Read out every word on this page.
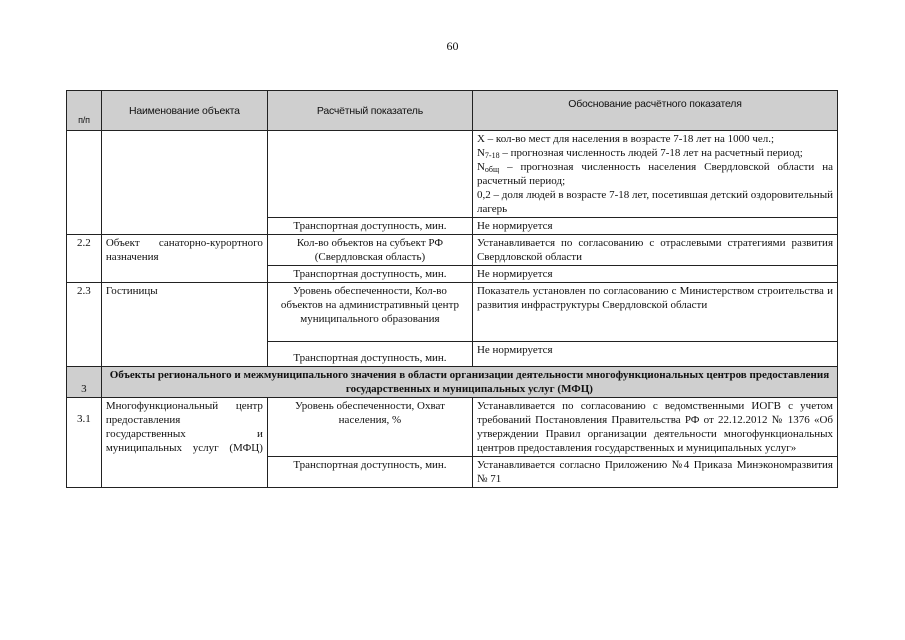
60
п/п	Наименование объекта	Расчётный показатель	Обоснование расчётного показателя

			Х – кол-во мест для населения в возрасте 7-18 лет на 1000 чел.;

$N_{7-18}$ – прогнозная численность людей 7-18 лет на расчетный период;

$N_{общ}$ – прогнозная численность населения Свердловской области на расчетный период;

0,2 – доля людей в возрасте 7-18 лет, посетившая детский оздоровительный лагерь

		Транспортная доступность, мин.	Не нормируется
2.2	Объект санаторно-курортного назначения	Кол-во объектов на субъект РФ (Свердловская область)	Устанавливается по согласованию с отраслевыми стратегиями развития Свердловской области
		Транспортная доступность, мин.	Не нормируется
2.3	Гостиницы	Уровень обеспеченности, Кол-во объектов на административный центр муниципального образования	Показатель установлен по согласованию с Министерством строительства и развития инфраструктуры Свердловской области
		Транспортная доступность, мин.	Не нормируется
3	Объекты регионального и межмуниципального значения в области организации деятельности многофункциональных центров предоставления государственных и муниципальных услуг (МФЦ)		
3.1	Многофункциональный центр предоставления государственных и муниципальных услуг (МФЦ)	Уровень обеспеченности, Охват населения, %	Устанавливается по согласованию с ведомственными ИОГВ с учетом требований Постановления Правительства РФ от 22.12.2012 № 1376 «Об утверждении Правил организации деятельности многофункциональных центров предоставления государственных и муниципальных услуг»
		Транспортная доступность, мин.	Устанавливается согласно Приложению №4 Приказа Минэкономразвития № 71
